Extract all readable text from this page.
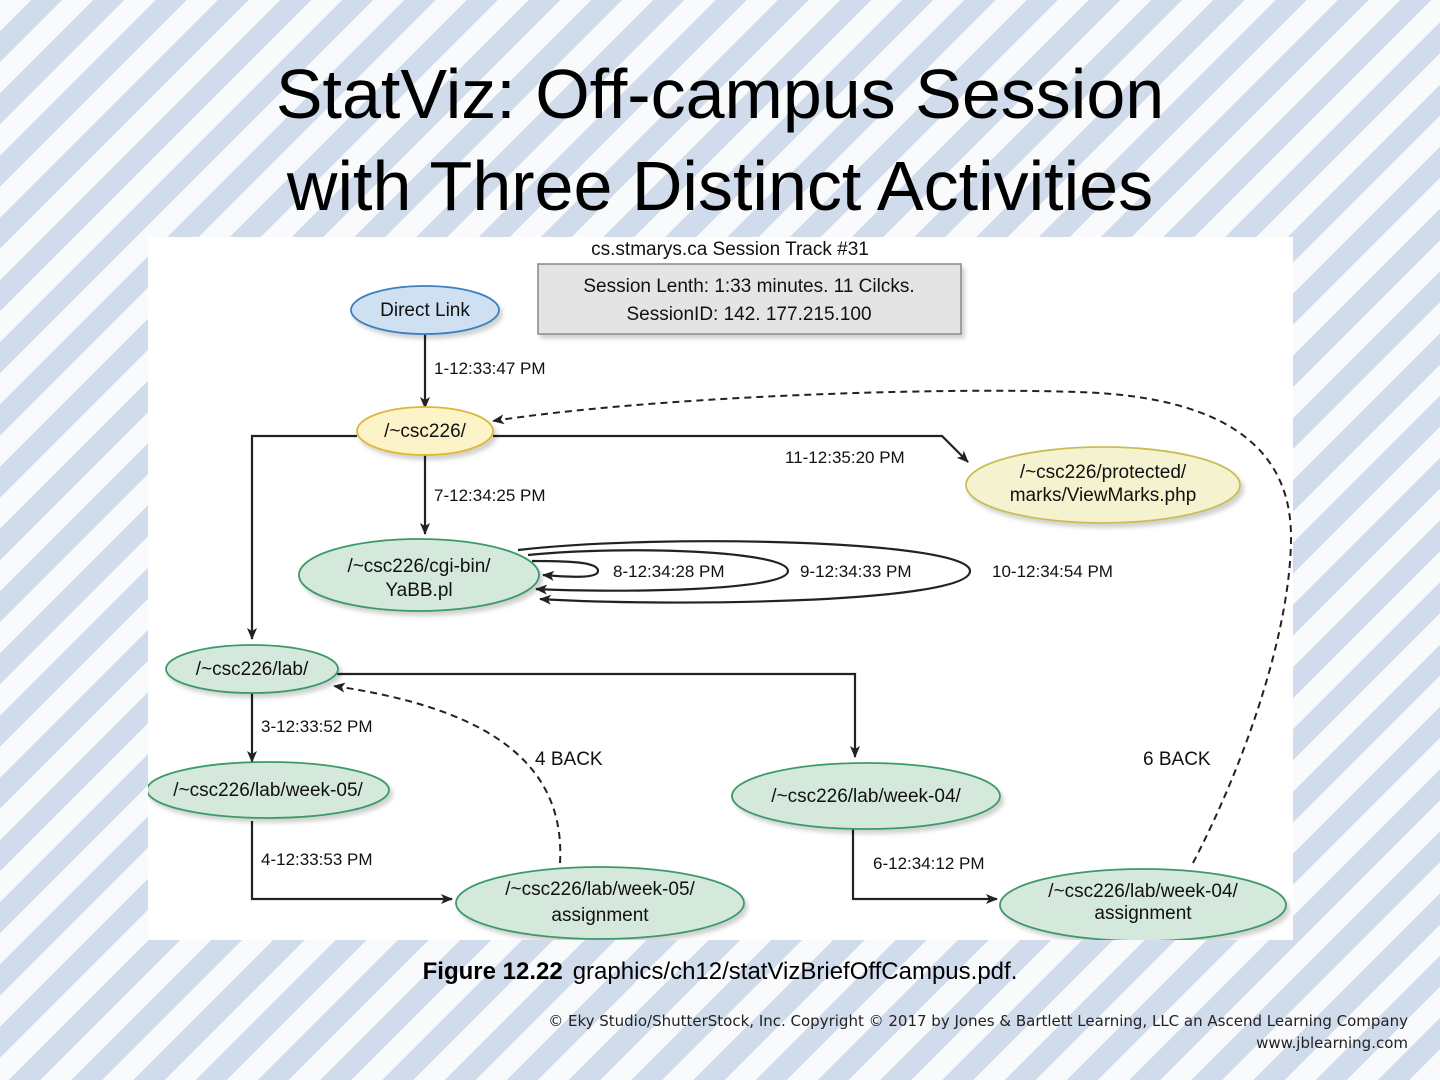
StatViz: Off-campus Session
with Three Distinct Activities
cs.stmarys.ca Session Track #31
Session Lenth: 1:33 minutes. 11 Cilcks.
SessionID: 142. 177.215.100
Direct Link
/~csc226/
/~csc226/protected/
marks/ViewMarks.php
/~csc226/cgi-bin/
YaBB.pl
/~csc226/lab/
/~csc226/lab/week-05/
/~csc226/lab/week-05/
assignment
/~csc226/lab/week-04/
/~csc226/lab/week-04/
assignment
1-12:33:47 PM
7-12:34:25 PM
11-12:35:20 PM
8-12:34:28 PM	9-12:34:33 PM	10-12:34:54 PM
3-12:33:52 PM
4-12:33:53 PM	6-12:34:12 PM
4 BACK	6 BACK
Figure 12.22 graphics/ch12/statVizBriefOffCampus.pdf.
© Eky Studio/ShutterStock, Inc. Copyright © 2017 by Jones & Bartlett Learning, LLC an Ascend Learning Company
www.jblearning.com
